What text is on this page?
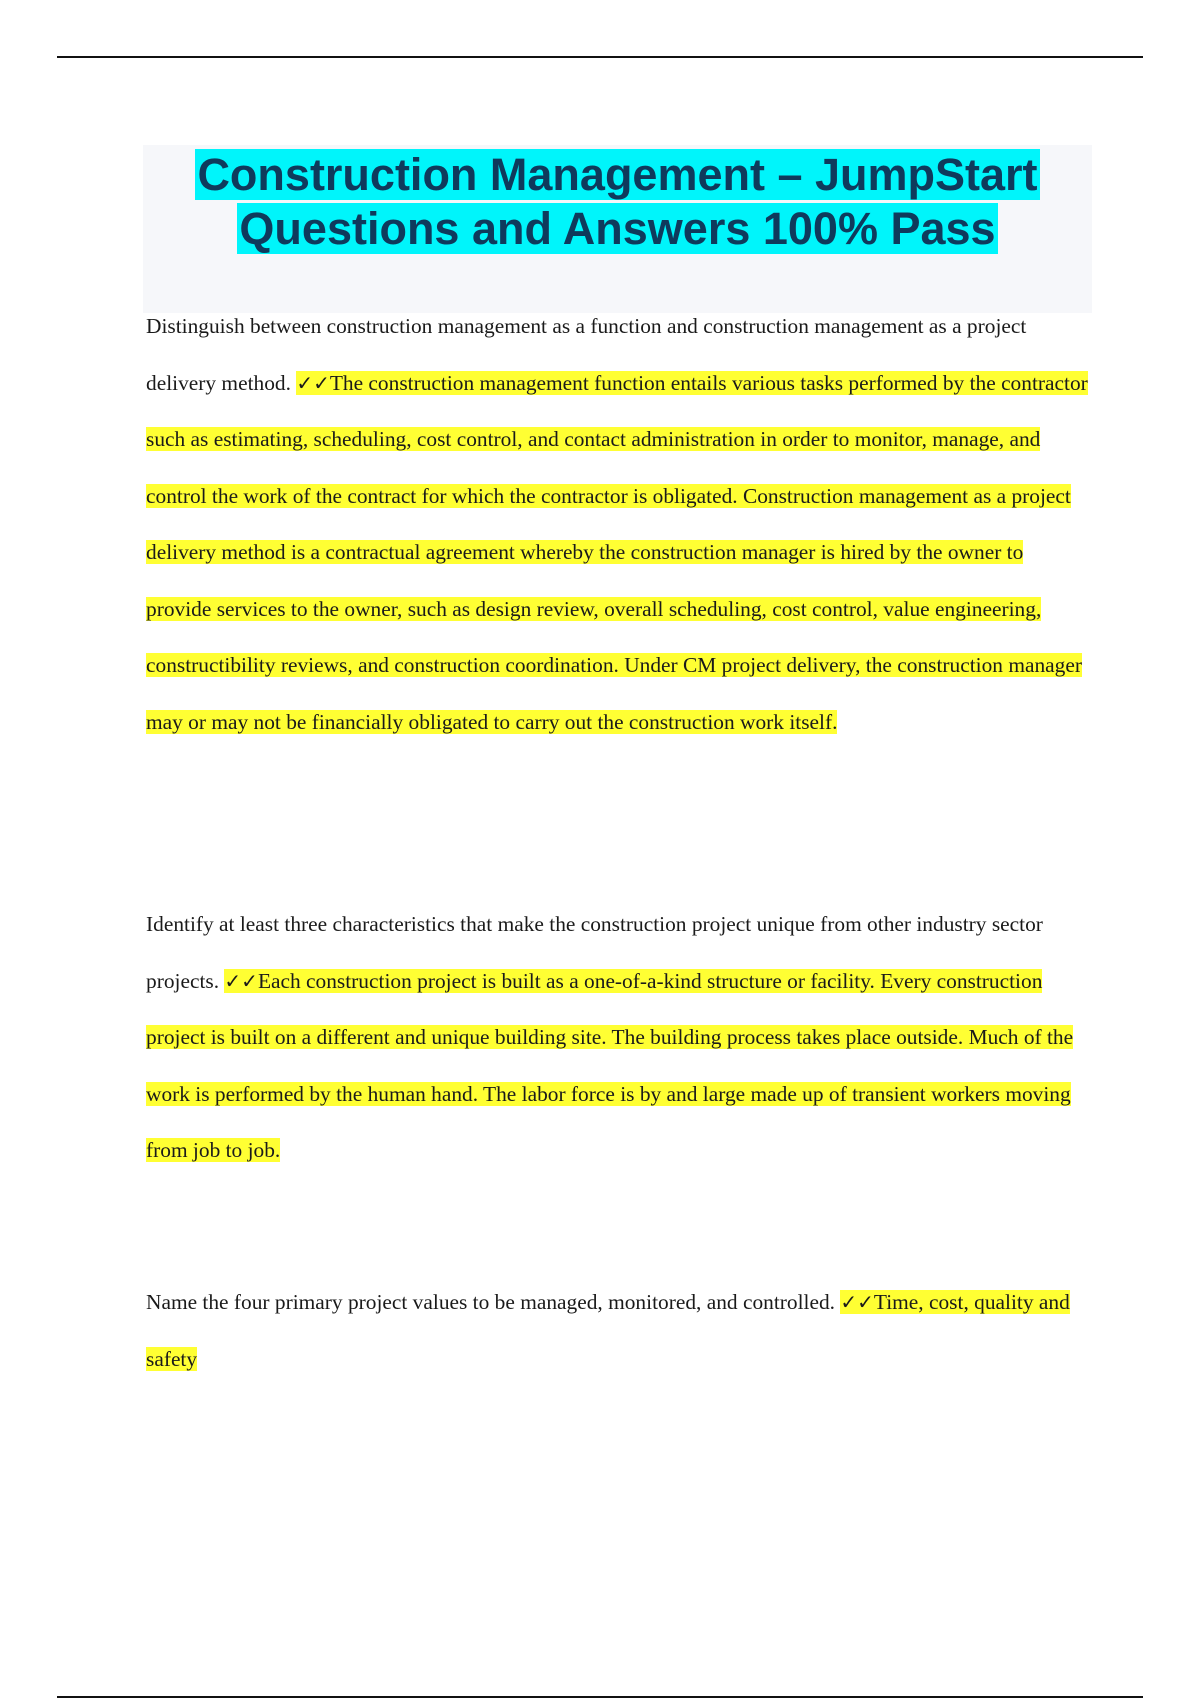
Construction Management – JumpStart
Questions and Answers 100% Pass

Distinguish between construction management as a function and construction management as a project delivery method. ✓✓The construction management function entails various tasks performed by the contractor such as estimating, scheduling, cost control, and contact administration in order to monitor, manage, and control the work of the contract for which the contractor is obligated. Construction management as a project delivery method is a contractual agreement whereby the construction manager is hired by the owner to provide services to the owner, such as design review, overall scheduling, cost control, value engineering, constructibility reviews, and construction coordination. Under CM project delivery, the construction manager may or may not be financially obligated to carry out the construction work itself.

Identify at least three characteristics that make the construction project unique from other industry sector projects. ✓✓Each construction project is built as a one-of-a-kind structure or facility. Every construction project is built on a different and unique building site. The building process takes place outside. Much of the work is performed by the human hand. The labor force is by and large made up of transient workers moving from job to job.

Name the four primary project values to be managed, monitored, and controlled. ✓✓Time, cost, quality and safety
